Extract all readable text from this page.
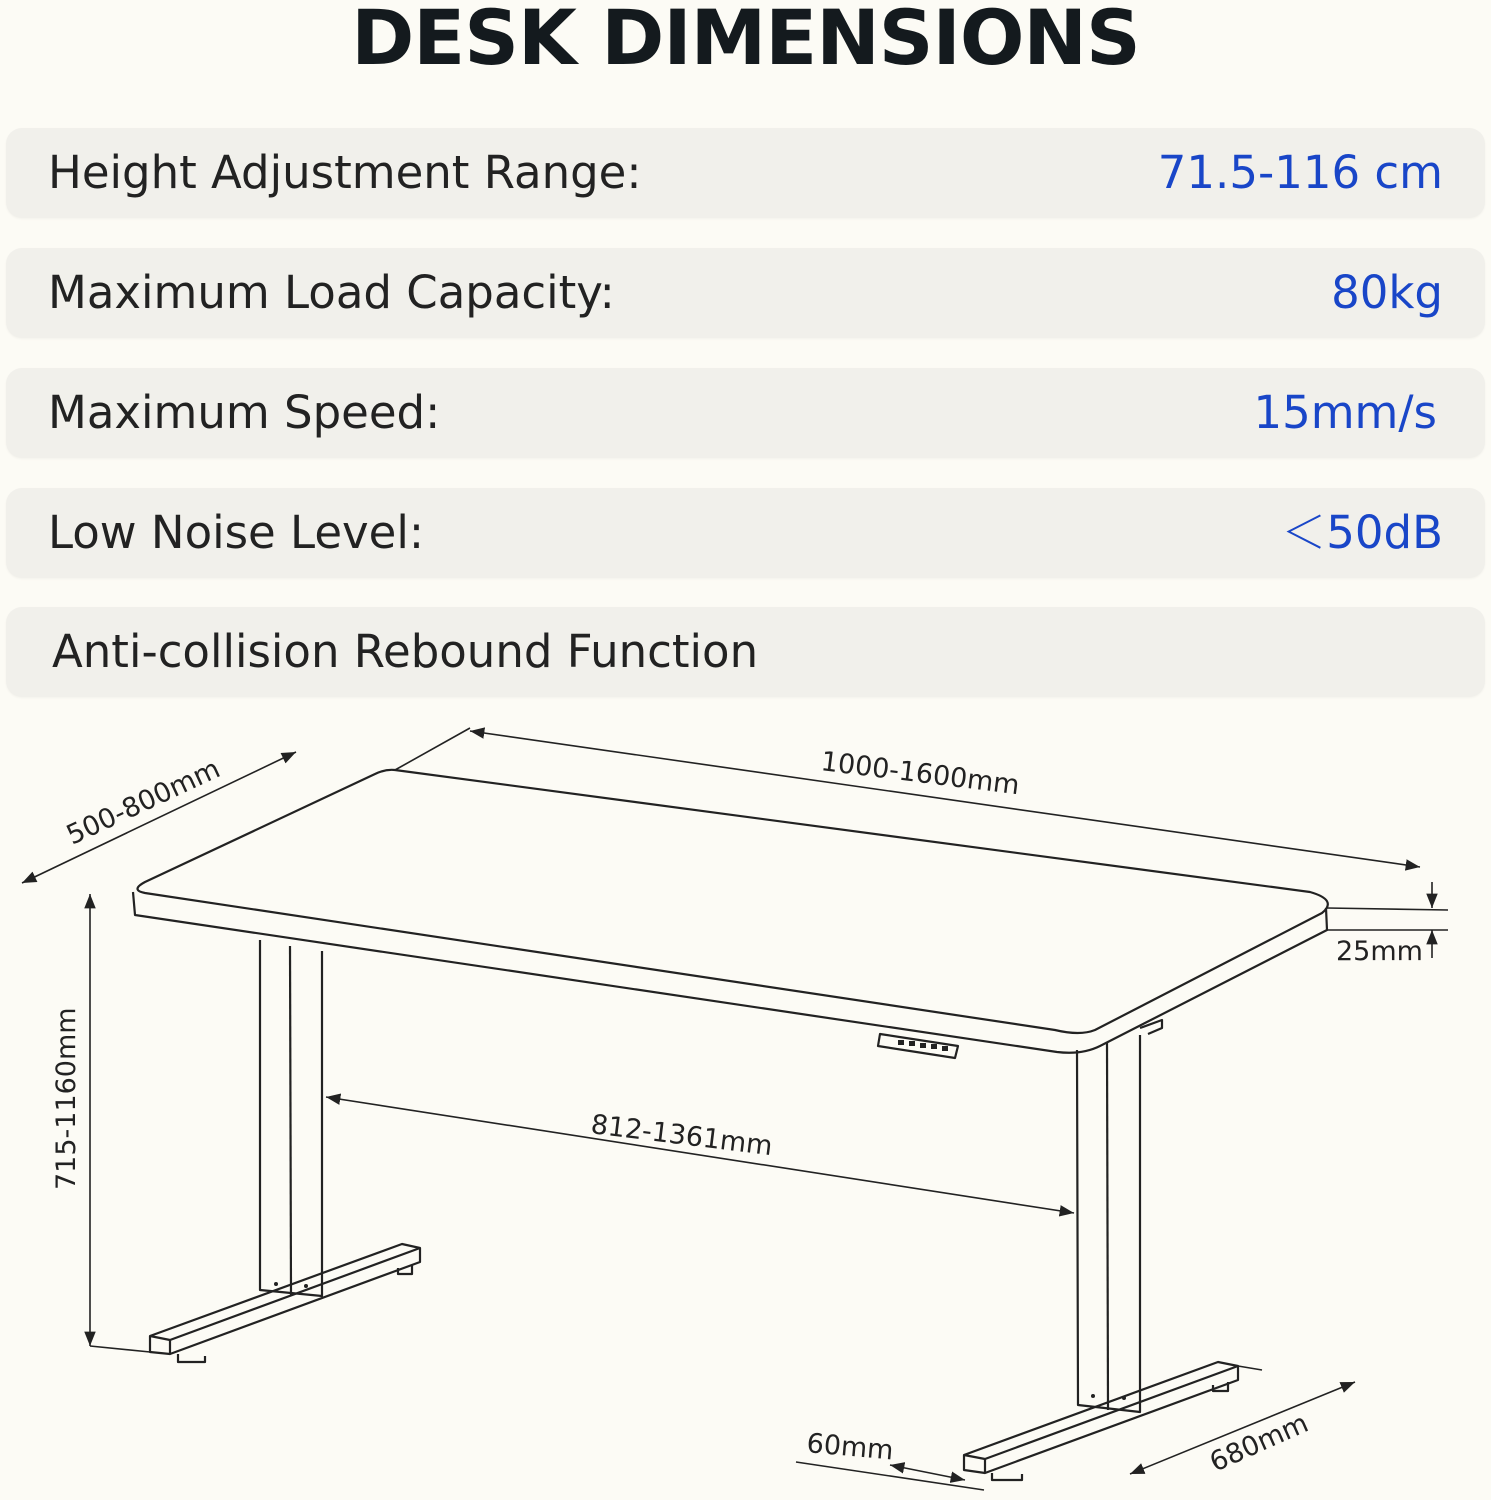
DESK DIMENSIONS
Height Adjustment Range:	71.5-116 cm
Maximum Load Capacity:	80kg
Maximum Speed:	15mm/s
Low Noise Level:	＜50dB
Anti-collision Rebound Function
1000-1600mm
500-800mm
25mm
715-1160mm	812-1361mm
60mm	680mm
